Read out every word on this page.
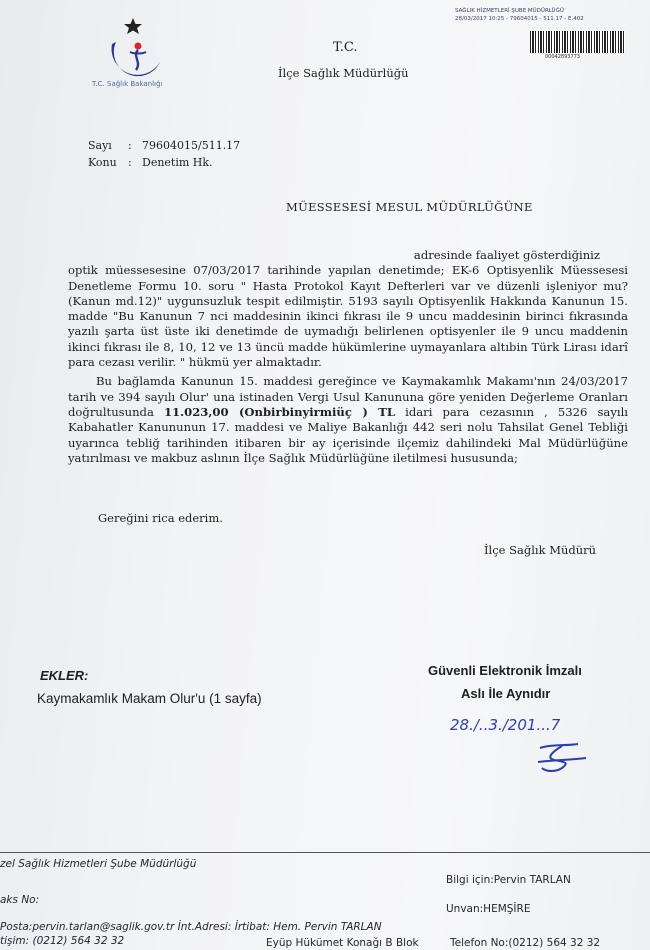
T.C. Sağlık Bakanlığı
T.C.
İlçe Sağlık Müdürlüğü
SAĞLIK HİZMETLERİ ŞUBE MÜDÜRLÜĞÜ
28/03/2017 10:25 - 79604015 - 511.17 - E.402
00042893773
Sayı : 79604015/511.17
Konu : Denetim Hk.
MÜESSESESİ MESUL MÜDÜRLÜĞÜNE

adresinde faaliyet gösterdiğiniz

optik müessesesine 07/03/2017 tarihinde yapılan denetimde; EK-6 Optisyenlik Müessesesi Denetleme Formu 10. soru " Hasta Protokol Kayıt Defterleri var ve düzenli işleniyor mu? (Kanun md.12)" uygunsuzluk tespit edilmiştir. 5193 sayılı Optisyenlik Hakkında Kanunun 15. madde "Bu Kanunun 7 nci maddesinin ikinci fıkrası ile 9 uncu maddesinin birinci fıkrasında yazılı şarta üst üste iki denetimde de uymadığı belirlenen optisyenler ile 9 uncu maddenin ikinci fıkrası ile 8, 10, 12 ve 13 üncü madde hükümlerine uymayanlara altıbin Türk Lirası idarî para cezası verilir. " hükmü yer almaktadır.

Bu bağlamda Kanunun 15. maddesi gereğince ve Kaymakamlık Makamı'nın 24/03/2017 tarih ve 394 sayılı Olur' una istinaden Vergi Usul Kanununa göre yeniden Değerleme Oranları doğrultusunda 11.023,00 (Onbirbinyirmiüç ) TL idari para cezasının , 5326 sayılı Kabahatler Kanununun 17. maddesi ve Maliye Bakanlığı 442 seri nolu Tahsilat Genel Tebliği uyarınca tebliğ tarihinden itibaren bir ay içerisinde ilçemiz dahilindeki Mal Müdürlüğüne yatırılması ve makbuz aslının İlçe Sağlık Müdürlüğüne iletilmesi hususunda;

Gereğini rica ederim.
İlçe Sağlık Müdürü
EKLER:
Kaymakamlık Makam Olur'u (1 sayfa)
Güvenli Elektronik İmzalı
Aslı İle Aynıdır
28./..3./201...7
zel Sağlık Hizmetleri Şube Müdürlüğü
aks No:
Posta:pervin.tarlan@saglik.gov.tr İnt.Adresi: İrtibat: Hem. Pervin TARLAN
tişim: (0212) 564 32 32	Eyüp Hükümet Konağı B Blok
Bilgi için:Pervin TARLAN
Unvan:HEMŞİRE
Telefon No:(0212) 564 32 32
